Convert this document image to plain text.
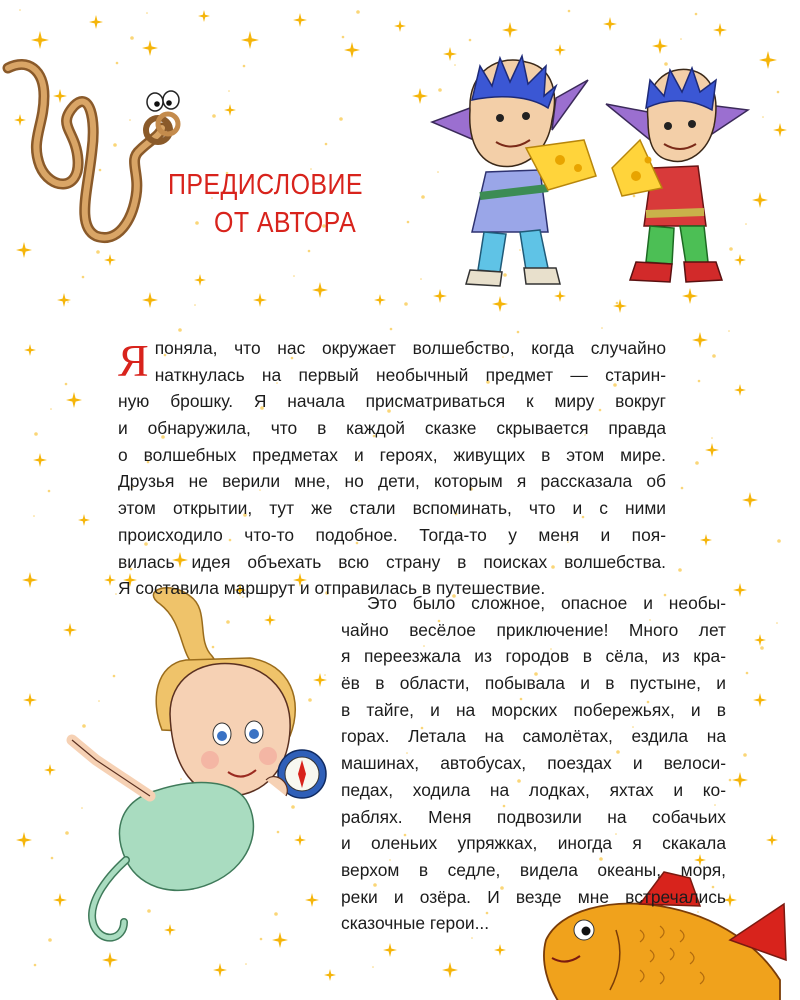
ПРЕДИСЛОВИЕ
ОТ АВТОРА
Я поняла, что нас окружает волшебство, когда случайно
наткнулась на первый необычный предмет — старин-
ную брошку. Я начала присматриваться к миру вокруг
и обнаружила, что в каждой сказке скрывается правда
о волшебных предметах и героях, живущих в этом мире.
Друзья не верили мне, но дети, которым я рассказала об
этом открытии, тут же стали вспоминать, что и с ними
происходило что-то подобное. Тогда-то у меня и поя-
вилась идея объехать всю страну в поисках волшебства.
Я составила маршрут и отправилась в путешествие.
Это было сложное, опасное и необы-
чайно весёлое приключение! Много лет
я переезжала из городов в сёла, из кра-
ёв в области, побывала и в пустыне, и
в тайге, и на морских побережьях, и в
горах. Летала на самолётах, ездила на
машинах, автобусах, поездах и велоси-
педах, ходила на лодках, яхтах и ко-
раблях. Меня подвозили на собачьих
и оленьих упряжках, иногда я скакала
верхом в седле, видела океаны, моря,
реки и озёра. И везде мне встречались
сказочные герои...
